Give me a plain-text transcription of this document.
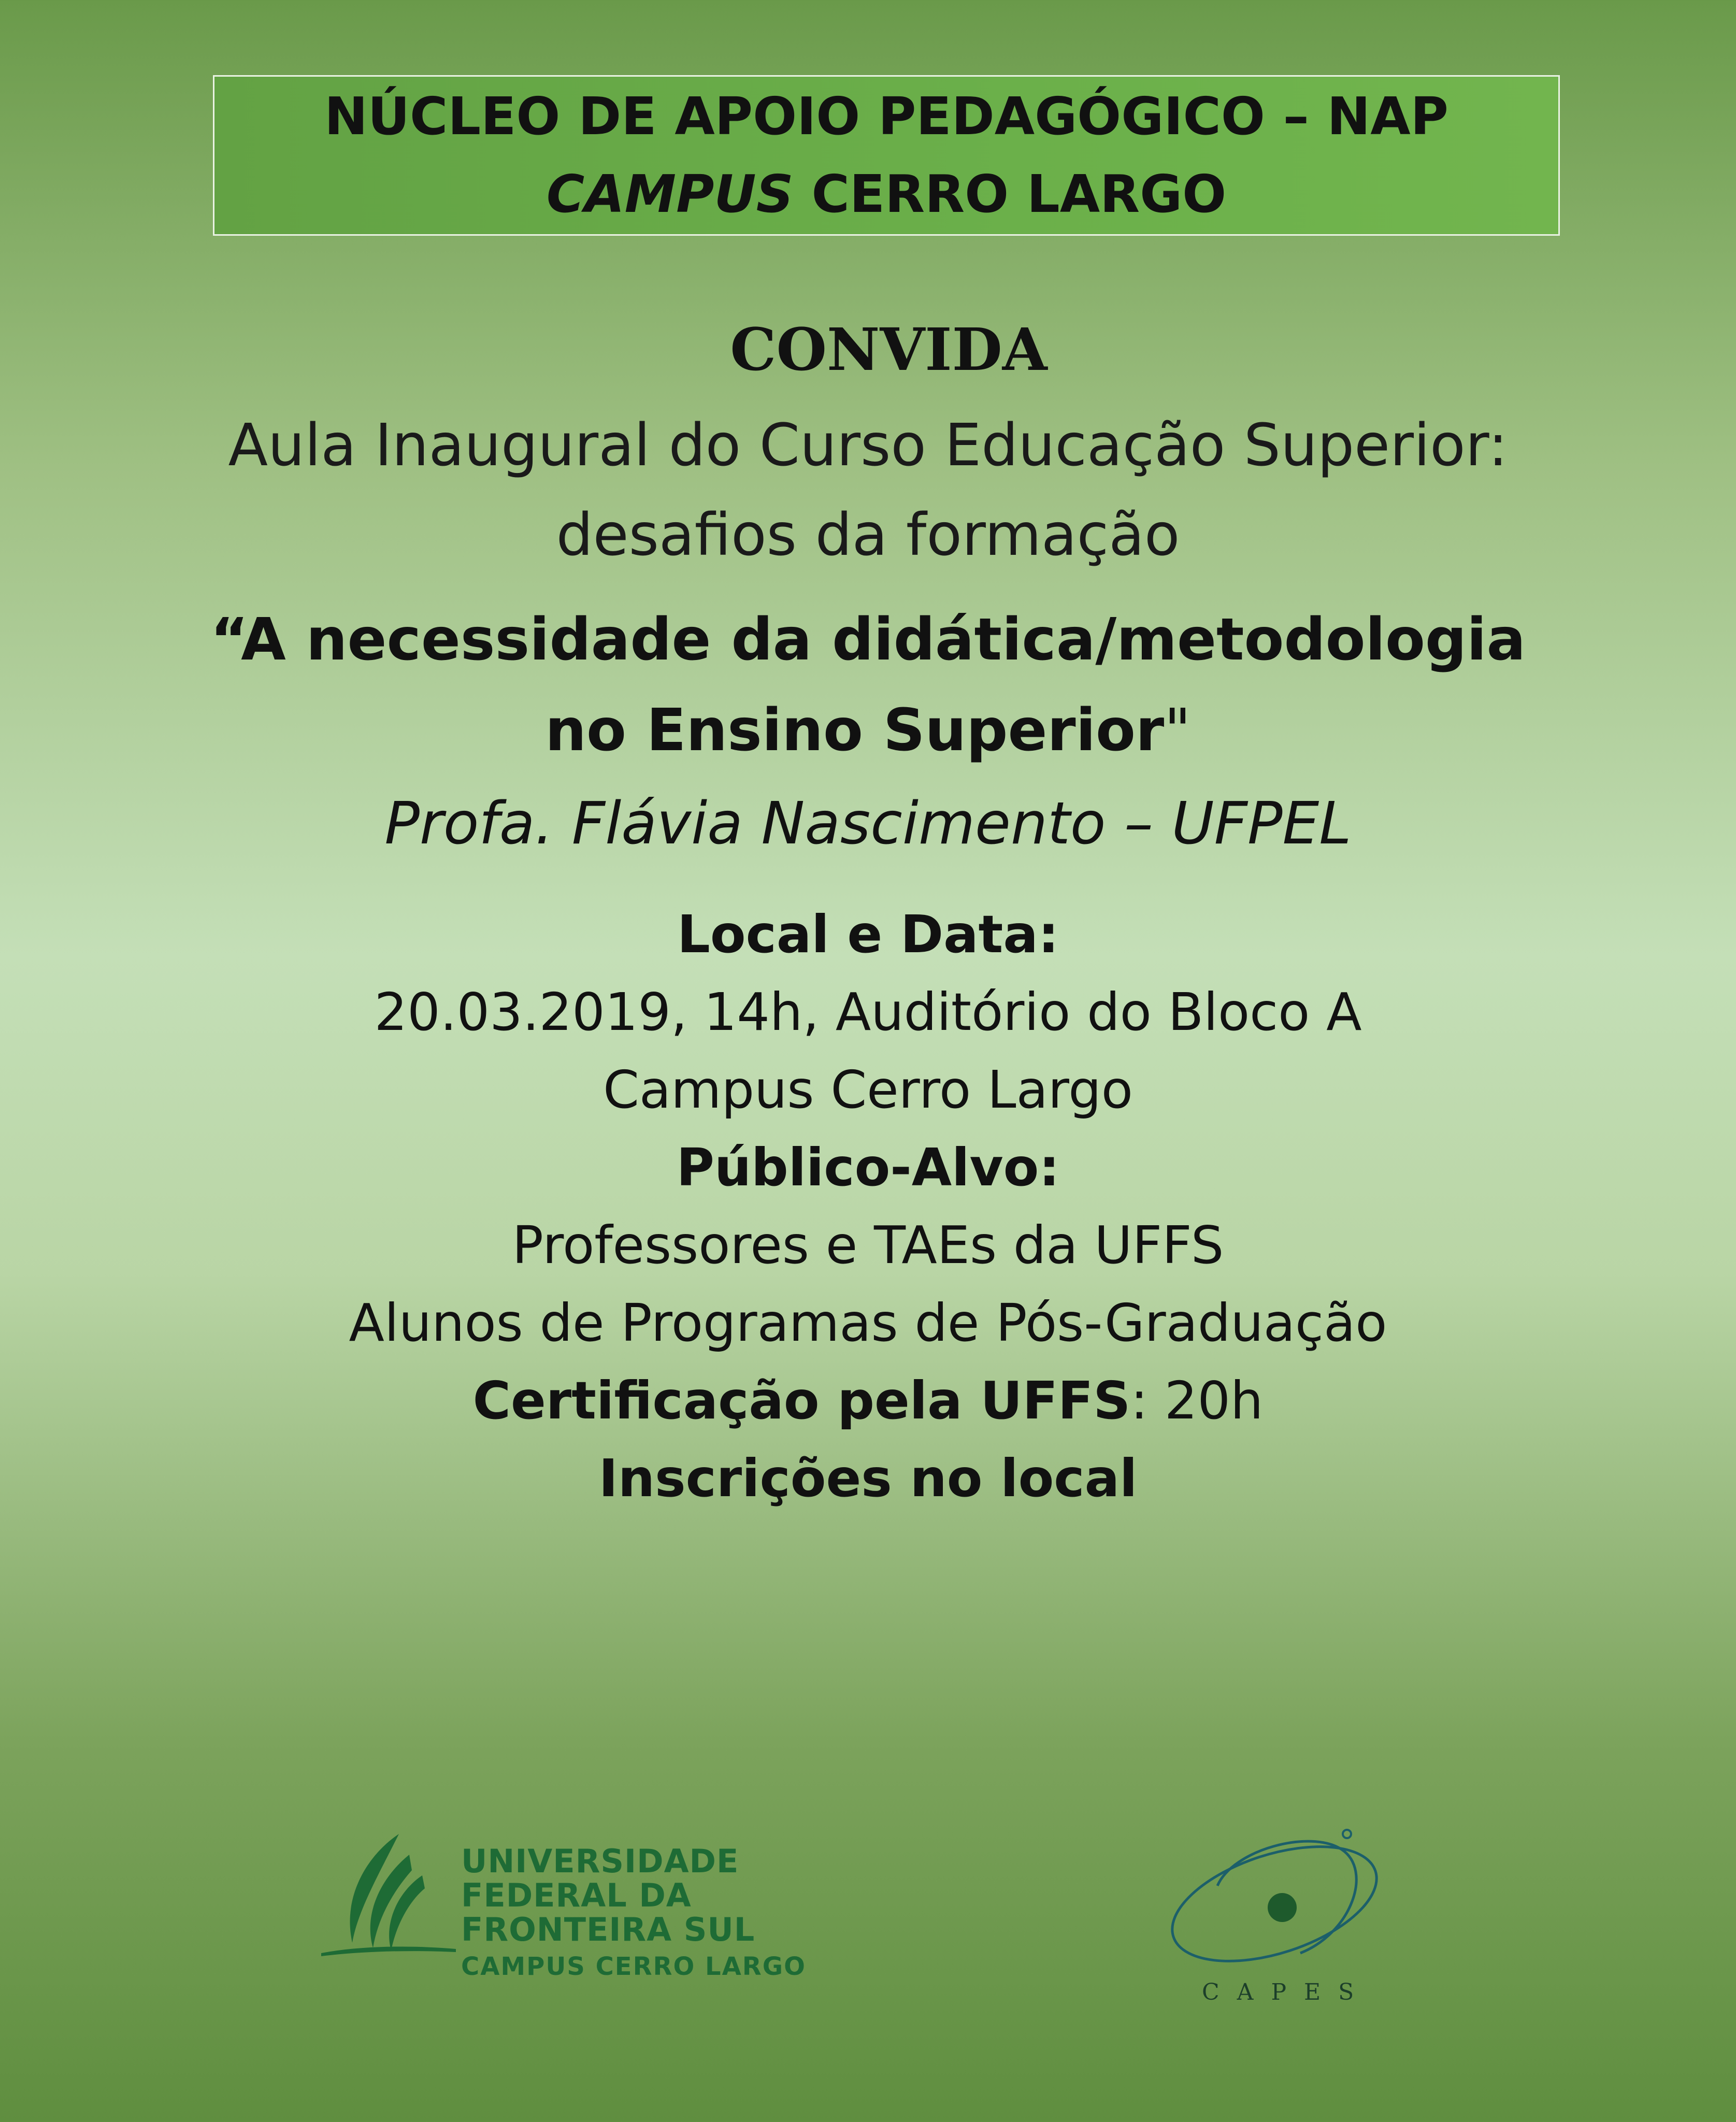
NÚCLEO DE APOIO PEDAGÓGICO – NAP
CAMPUS CERRO LARGO
CONVIDA
Aula Inaugural do Curso Educação Superior:
desafios da formação
“A necessidade da didática/metodologia
no Ensino Superior"
Profa. Flávia Nascimento – UFPEL
Local e Data:
20.03.2019, 14h, Auditório do Bloco A
Campus Cerro Largo
Público-Alvo:
Professores e TAEs da UFFS
Alunos de Programas de Pós-Graduação
Certificação pela UFFS: 20h
Inscrições no local
UNIVERSIDADE
FEDERAL DA
FRONTEIRA SUL
CAMPUS CERRO LARGO
CAPES
